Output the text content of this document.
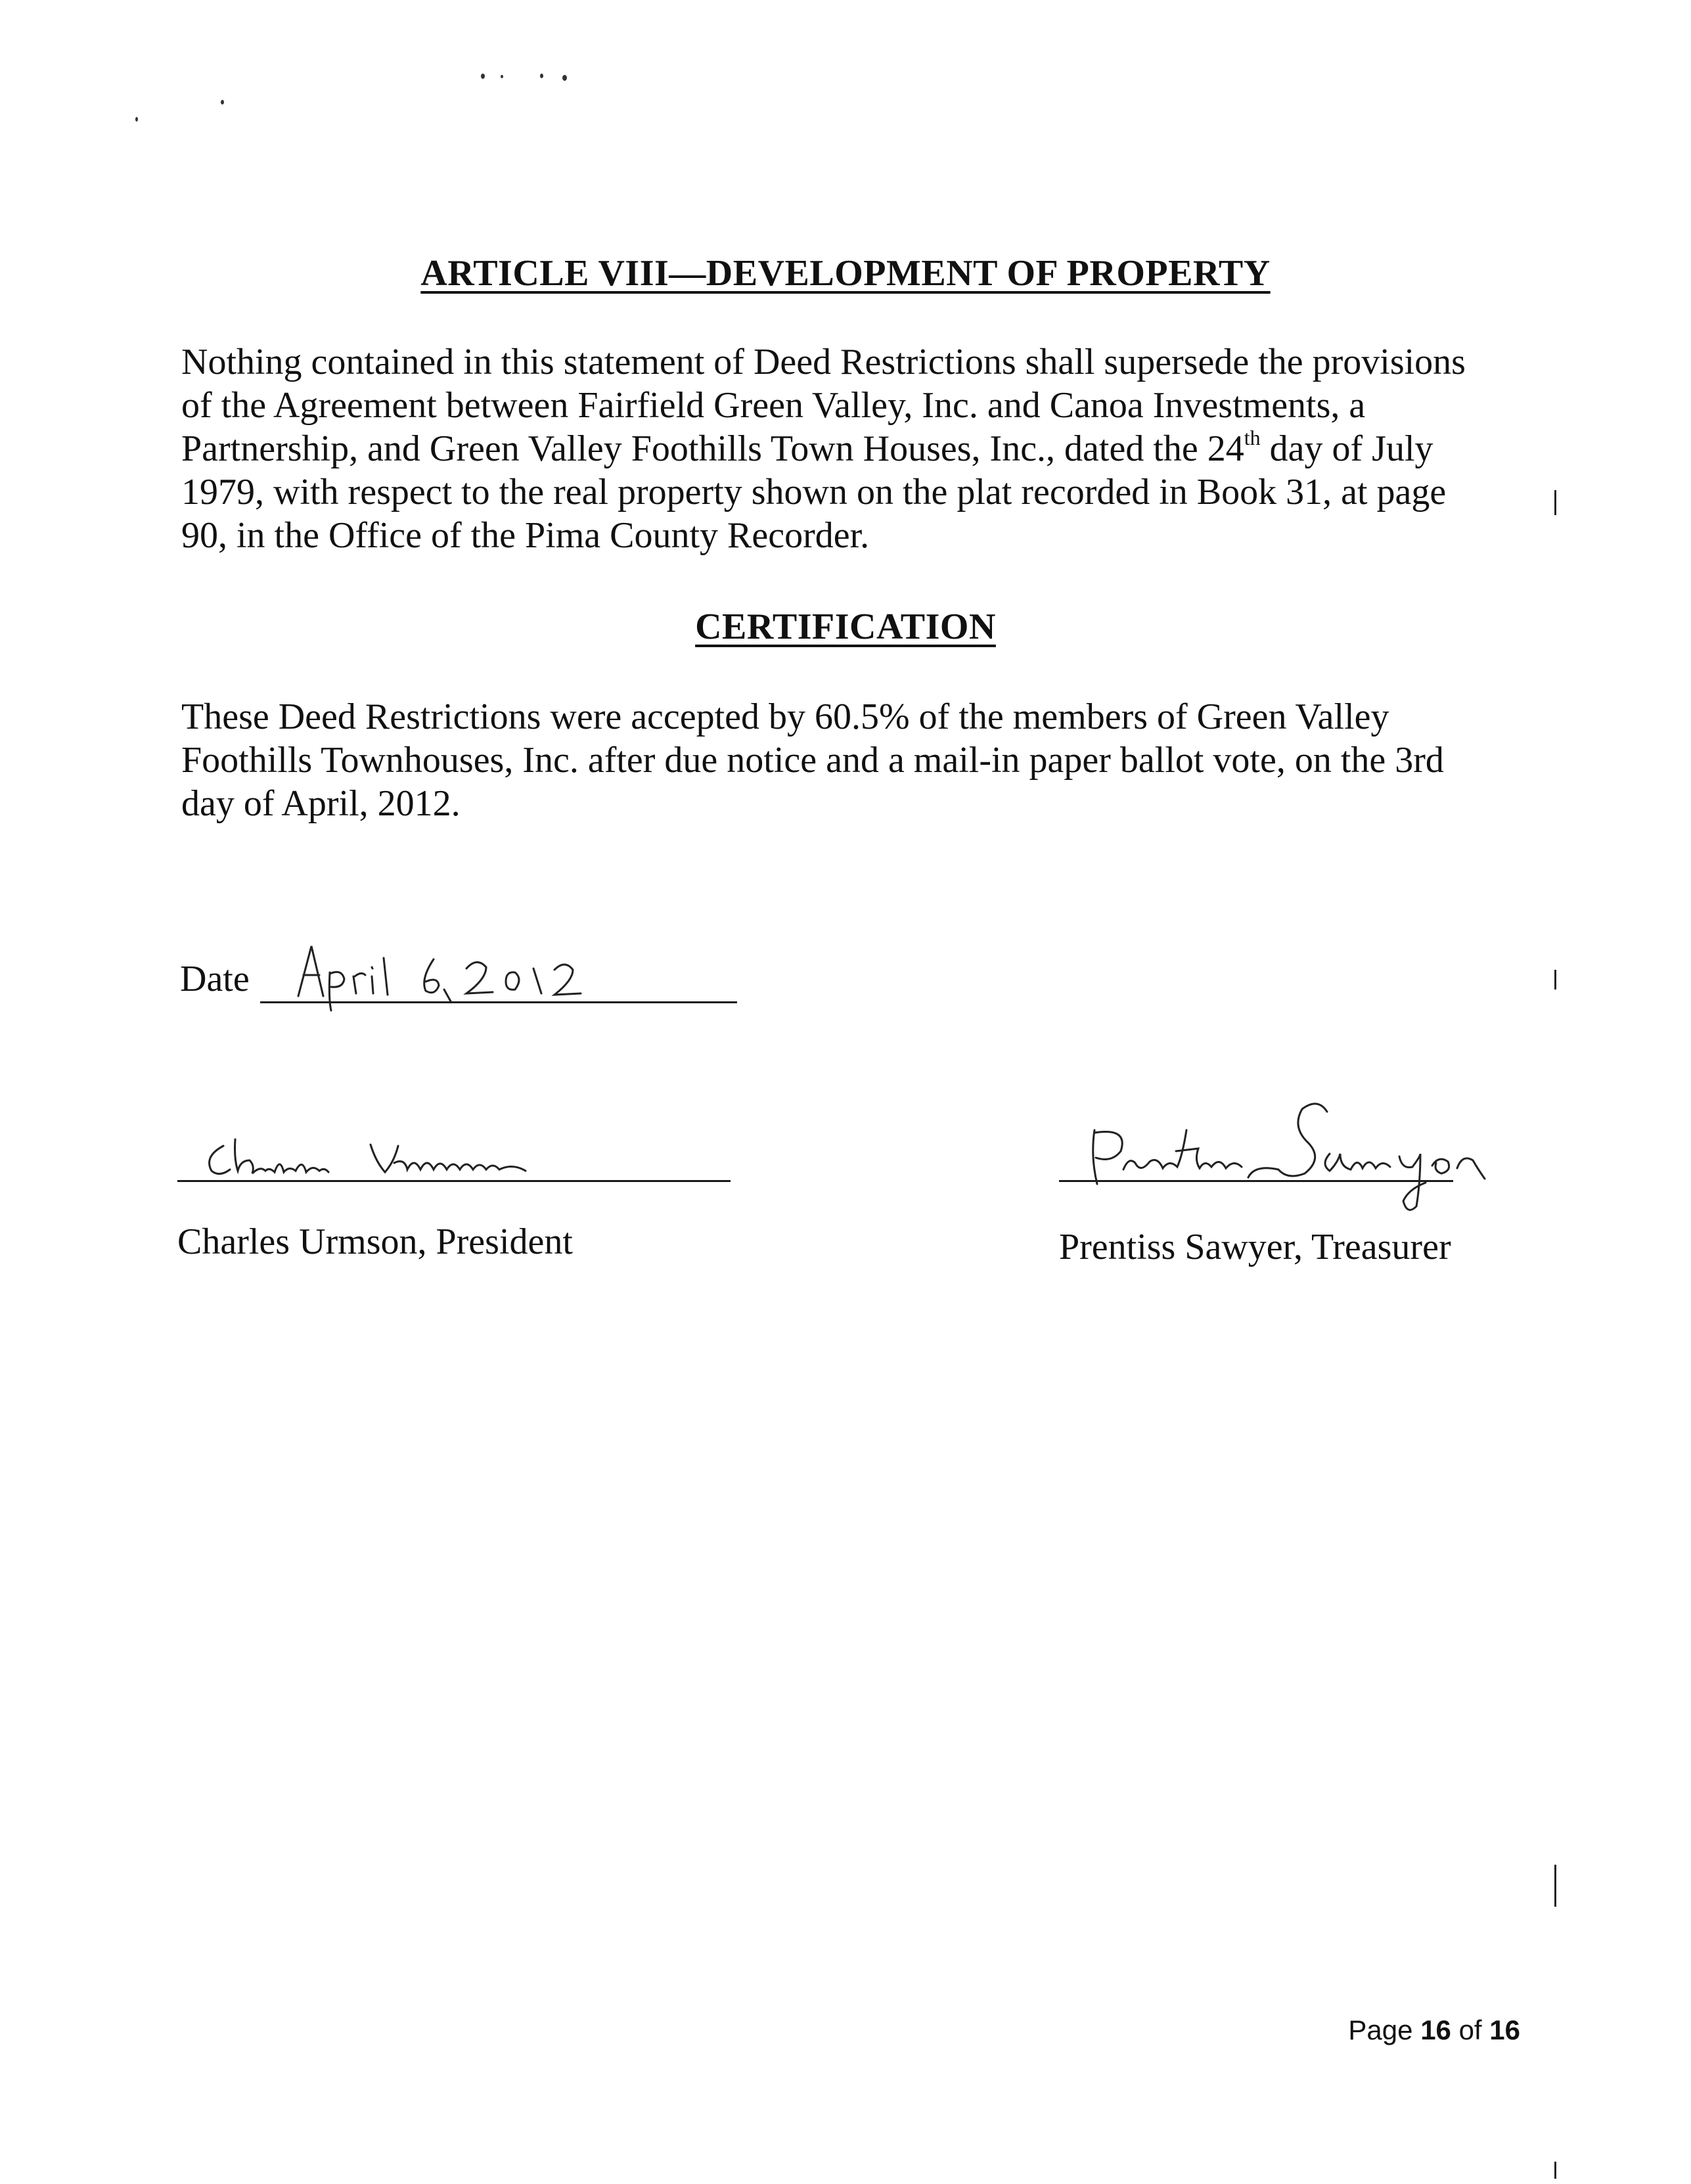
ARTICLE VIII—DEVELOPMENT OF PROPERTY
Nothing contained in this statement of Deed Restrictions shall supersede the provisions
of the Agreement between Fairfield Green Valley, Inc. and Canoa Investments, a
Partnership, and Green Valley Foothills Town Houses, Inc., dated the 24th day of July
1979, with respect to the real property shown on the plat recorded in Book 31, at page
90, in the Office of the Pima County Recorder.
CERTIFICATION
These Deed Restrictions were accepted by 60.5% of the members of Green Valley
Foothills Townhouses, Inc. after due notice and a mail-in paper ballot vote, on the 3rd
day of April, 2012.
Date
Charles Urmson, President	Prentiss Sawyer, Treasurer
Page 16 of 16
